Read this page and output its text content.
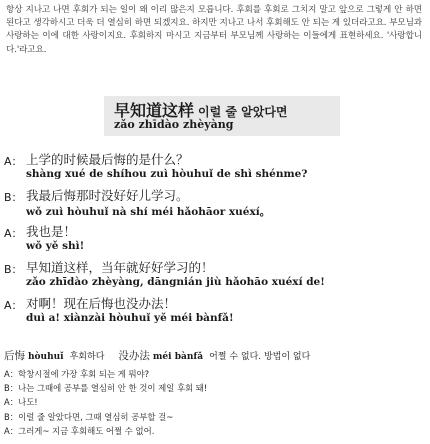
항상 지나고 나면 후회가 되는 일이 왜 이리 많은지 모릅니다. 후회를 후회로 그치지 말고 앞으로 그렇게 안 하면 된다고 생각하시고 더욱 더 열심히 하면 되겠지요. 하지만 지나고 나서 후회해도 안 되는 게 있더라고요. 부모님과 사랑하는 이에 대한 사랑이지요. 후회하지 마시고 지금부터 부모님께 사랑하는 이들에게 표현하세요. '사랑합니다.'라고요.
早知道这样 이럴 줄 알았다면
zǎo zhīdào zhèyàng
A： 上学的时候最后悔的是什么？
shàng xué de shíhou zuì hòuhuǐ de shì shénme?
B： 我最后悔那时没好好儿学习。
wǒ zuì hòuhuǐ nà shí méi hǎohāor xuéxí。
A： 我也是！
wǒ yě shì!
B： 早知道这样，当年就好好学习的！
zǎo zhīdào zhèyàng, dāngnián jiù hǎohāo xuéxí de!
A： 对啊！现在后悔也没办法！
duì a! xiànzài hòuhuǐ yě méi bànfǎ!
后悔 hòuhuǐ 후회하다 没办法 méi bànfǎ 어쩔 수 없다. 방법이 없다
A：학창시절에 가장 후회 되는 게 뭐야?
B：나는 그때에 공부를 열심히 안 한 것이 제일 후회 돼!
A：나도!
B：이럴 줄 알았다면, 그때 열심히 공부할 걸~
A：그러게~ 지금 후회해도 어쩔 수 없어.
